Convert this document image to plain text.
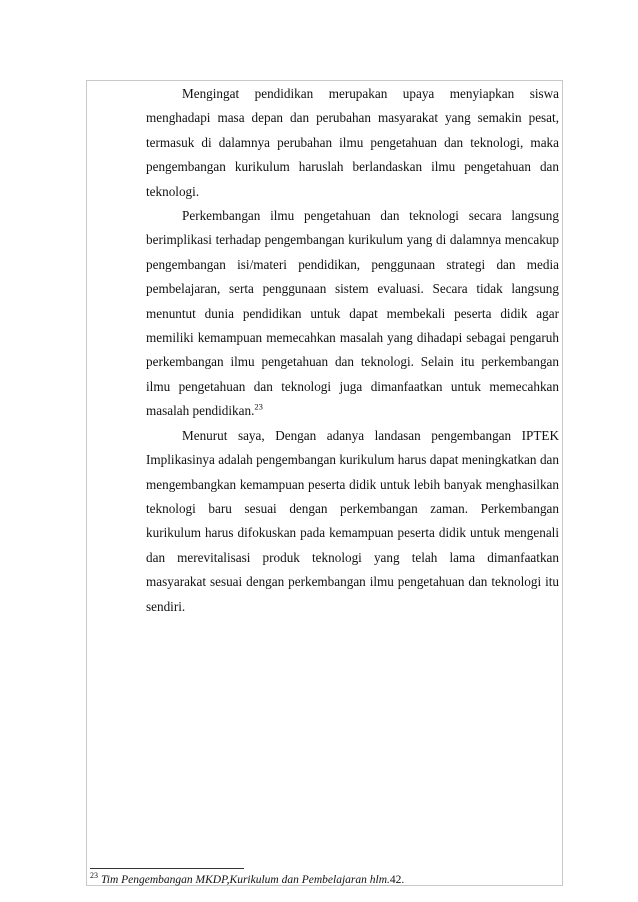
Mengingat pendidikan merupakan upaya menyiapkan siswa menghadapi masa depan dan perubahan masyarakat yang semakin pesat, termasuk di dalamnya perubahan ilmu pengetahuan dan teknologi, maka pengembangan kurikulum haruslah berlandaskan ilmu pengetahuan dan teknologi.

Perkembangan ilmu pengetahuan dan teknologi secara langsung berimplikasi terhadap pengembangan kurikulum yang di dalamnya mencakup pengembangan isi/materi pendidikan, penggunaan strategi dan media pembelajaran, serta penggunaan sistem evaluasi. Secara tidak langsung menuntut dunia pendidikan untuk dapat membekali peserta didik agar memiliki kemampuan memecahkan masalah yang dihadapi sebagai pengaruh perkembangan ilmu pengetahuan dan teknologi. Selain itu perkembangan ilmu pengetahuan dan teknologi juga dimanfaatkan untuk memecahkan masalah pendidikan.$^{23}$

Menurut saya, Dengan adanya landasan pengembangan IPTEK Implikasinya adalah pengembangan kurikulum harus dapat meningkatkan dan mengembangkan kemampuan peserta didik untuk lebih banyak menghasilkan teknologi baru sesuai dengan perkembangan zaman. Perkembangan kurikulum harus difokuskan pada kemampuan peserta didik untuk mengenali dan merevitalisasi produk teknologi yang telah lama dimanfaatkan masyarakat sesuai dengan perkembangan ilmu pengetahuan dan teknologi itu sendiri.

$^{23}$ Tim Pengembangan MKDP,Kurikulum dan Pembelajaran hlm.42.
